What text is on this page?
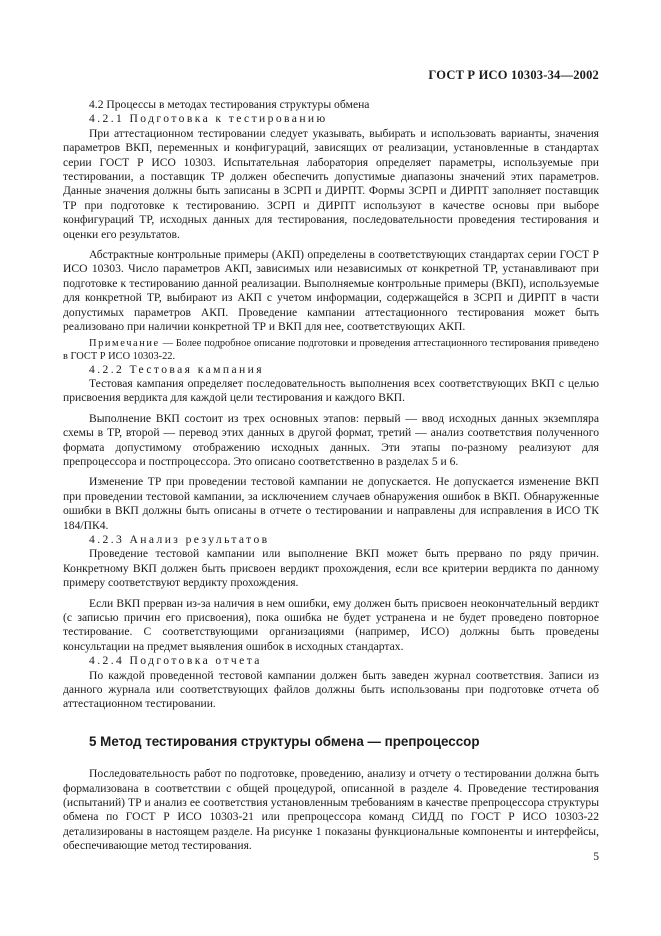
ГОСТ Р ИСО 10303-34—2002

4.2 Процессы в методах тестирования структуры обмена

4.2.1 Подготовка к тестированию

При аттестационном тестировании следует указывать, выбирать и использовать варианты, значения параметров ВКП, переменных и конфигураций, зависящих от реализации, установленные в стандартах серии ГОСТ Р ИСО 10303. Испытательная лаборатория определяет параметры, используемые при тестировании, а поставщик ТР должен обеспечить допустимые диапазоны значений этих параметров. Данные значения должны быть записаны в ЗСРП и ДИРПТ. Формы ЗСРП и ДИРПТ заполняет поставщик ТР при подготовке к тестированию. ЗСРП и ДИРПТ используют в качестве основы при выборе конфигураций ТР, исходных данных для тестирования, последовательности проведения тестирования и оценки его результатов.

Абстрактные контрольные примеры (АКП) определены в соответствующих стандартах серии ГОСТ Р ИСО 10303. Число параметров АКП, зависимых или независимых от конкретной ТР, устанавливают при подготовке к тестированию данной реализации. Выполняемые контрольные примеры (ВКП), используемые для конкретной ТР, выбирают из АКП с учетом информации, содержащейся в ЗСРП и ДИРПТ в части допустимых параметров АКП. Проведение кампании аттестационного тестирования может быть реализовано при наличии конкретной ТР и ВКП для нее, соответствующих АКП.

Примечание — Более подробное описание подготовки и проведения аттестационного тестирования приведено в ГОСТ Р ИСО 10303-22.

4.2.2 Тестовая кампания

Тестовая кампания определяет последовательность выполнения всех соответствующих ВКП с целью присвоения вердикта для каждой цели тестирования и каждого ВКП.

Выполнение ВКП состоит из трех основных этапов: первый — ввод исходных данных экземпляра схемы в ТР, второй — перевод этих данных в другой формат, третий — анализ соответствия полученного формата допустимому отображению исходных данных. Эти этапы по-разному реализуют для препроцессора и постпроцессора. Это описано соответственно в разделах 5 и 6.

Изменение ТР при проведении тестовой кампании не допускается. Не допускается изменение ВКП при проведении тестовой кампании, за исключением случаев обнаружения ошибок в ВКП. Обнаруженные ошибки в ВКП должны быть описаны в отчете о тестировании и направлены для исправления в ИСО ТК 184/ПК4.

4.2.3 Анализ результатов

Проведение тестовой кампании или выполнение ВКП может быть прервано по ряду причин. Конкретному ВКП должен быть присвоен вердикт прохождения, если все критерии вердикта по данному примеру соответствуют вердикту прохождения.

Если ВКП прерван из-за наличия в нем ошибки, ему должен быть присвоен неокончательный вердикт (с записью причин его присвоения), пока ошибка не будет устранена и не будет проведено повторное тестирование. С соответствующими организациями (например, ИСО) должны быть проведены консультации на предмет выявления ошибок в исходных стандартах.

4.2.4 Подготовка отчета

По каждой проведенной тестовой кампании должен быть заведен журнал соответствия. Записи из данного журнала или соответствующих файлов должны быть использованы при подготовке отчета об аттестационном тестировании.

5 Метод тестирования структуры обмена — препроцессор

Последовательность работ по подготовке, проведению, анализу и отчету о тестировании должна быть формализована в соответствии с общей процедурой, описанной в разделе 4. Проведение тестирования (испытаний) ТР и анализ ее соответствия установленным требованиям в качестве препроцессора структуры обмена по ГОСТ Р ИСО 10303-21 или препроцессора команд СИДД по ГОСТ Р ИСО 10303-22 детализированы в настоящем разделе. На рисунке 1 показаны функциональные компоненты и интерфейсы, обеспечивающие метод тестирования.

5
